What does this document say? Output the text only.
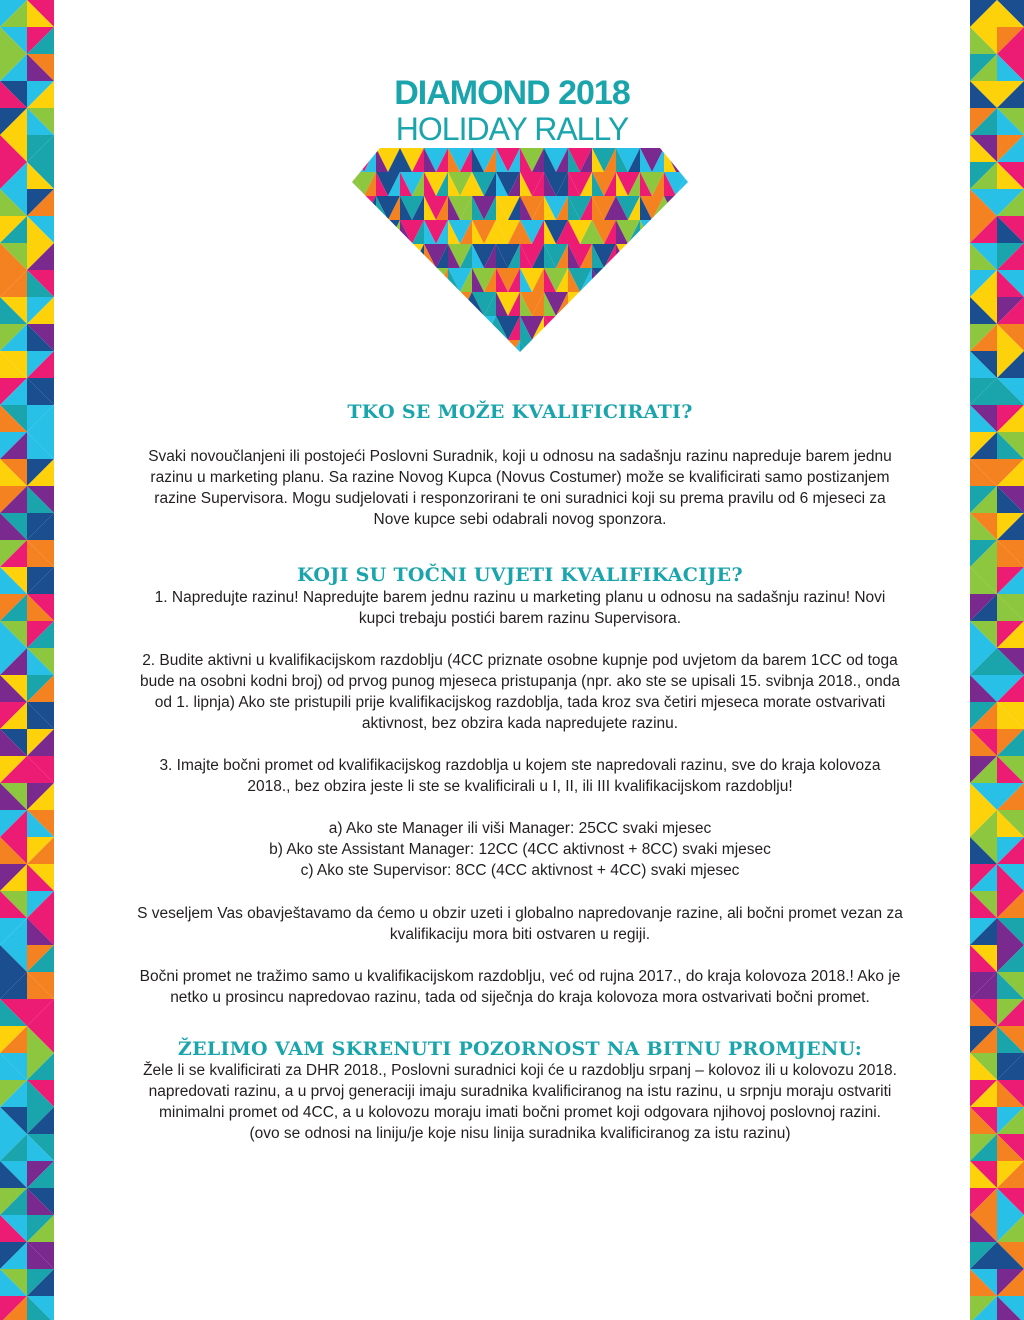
DIAMOND 2018
HOLIDAY RALLY
TKO SE MOŽE KVALIFICIRATI?

Svaki novoučlanjeni ili postojeći Poslovni Suradnik, koji u odnosu na sadašnju razinu napreduje barem jednu
razinu u marketing planu. Sa razine Novog Kupca (Novus Costumer) može se kvalificirati samo postizanjem
razine Supervisora. Mogu sudjelovati i responzorirani te oni suradnici koji su prema pravilu od 6 mjeseci za
Nove kupce sebi odabrali novog sponzora.

KOJI SU TOČNI UVJETI KVALIFIKACIJE?

1. Napredujte razinu! Napredujte barem jednu razinu u marketing planu u odnosu na sadašnju razinu! Novi
kupci trebaju postići barem razinu Supervisora.

2. Budite aktivni u kvalifikacijskom razdoblju (4CC priznate osobne kupnje pod uvjetom da barem 1CC od toga
bude na osobni kodni broj) od prvog punog mjeseca pristupanja (npr. ako ste se upisali 15. svibnja 2018., onda
od 1. lipnja) Ako ste pristupili prije kvalifikacijskog razdoblja, tada kroz sva četiri mjeseca morate ostvarivati
aktivnost, bez obzira kada napredujete razinu.

3. Imajte bočni promet od kvalifikacijskog razdoblja u kojem ste napredovali razinu, sve do kraja kolovoza
2018., bez obzira jeste li ste se kvalificirali u I, II, ili III kvalifikacijskom razdoblju!

a) Ako ste Manager ili viši Manager: 25CC svaki mjesec
b) Ako ste Assistant Manager: 12CC (4CC aktivnost + 8CC) svaki mjesec
c) Ako ste Supervisor: 8CC (4CC aktivnost + 4CC) svaki mjesec

S veseljem Vas obavještavamo da ćemo u obzir uzeti i globalno napredovanje razine, ali bočni promet vezan za
kvalifikaciju mora biti ostvaren u regiji.

Bočni promet ne tražimo samo u kvalifikacijskom razdoblju, već od rujna 2017., do kraja kolovoza 2018.! Ako je
netko u prosincu napredovao razinu, tada od siječnja do kraja kolovoza mora ostvarivati bočni promet.

ŽELIMO VAM SKRENUTI POZORNOST NA BITNU PROMJENU:

Žele li se kvalificirati za DHR 2018., Poslovni suradnici koji će u razdoblju srpanj – kolovoz ili u kolovozu 2018.
napredovati razinu, a u prvoj generaciji imaju suradnika kvalificiranog na istu razinu, u srpnju moraju ostvariti
minimalni promet od 4CC, a u kolovozu moraju imati bočni promet koji odgovara njihovoj poslovnoj razini.
(ovo se odnosi na liniju/je koje nisu linija suradnika kvalificiranog za istu razinu)
